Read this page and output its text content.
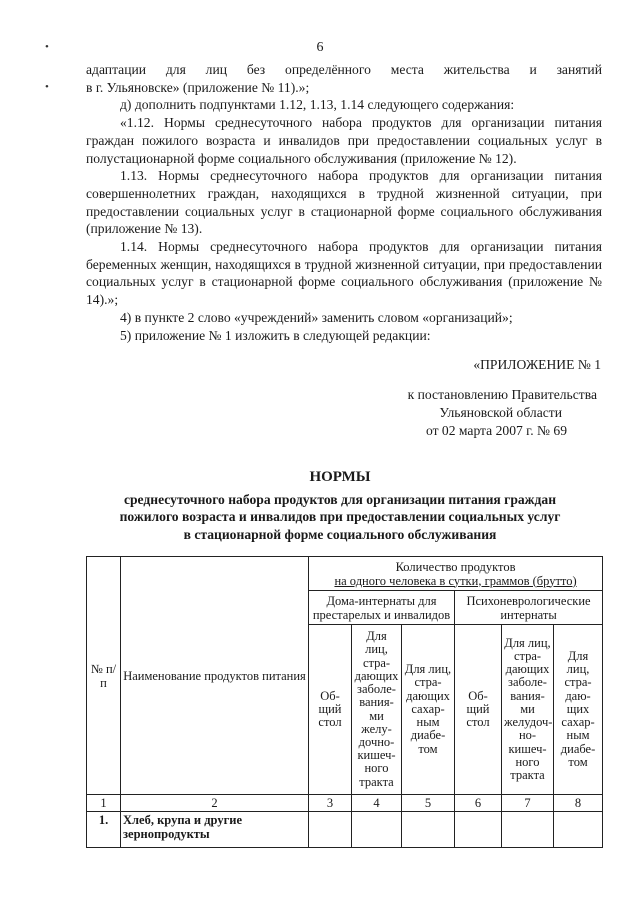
6
•
•

адаптации для лиц без определённого места жительства и занятий

в г. Ульяновске» (приложение № 11).»;

д) дополнить подпунктами 1.12, 1.13, 1.14 следующего содержания:

«1.12. Нормы среднесуточного набора продуктов для организации питания граждан пожилого возраста и инвалидов при предоставлении социальных услуг в полустационарной форме социального обслуживания (приложение № 12).

1.13. Нормы среднесуточного набора продуктов для организации питания совершеннолетних граждан, находящихся в трудной жизненной ситуации, при предоставлении социальных услуг в стационарной форме социального обслуживания (приложение № 13).

1.14. Нормы среднесуточного набора продуктов для организации питания беременных женщин, находящихся в трудной жизненной ситуации, при предоставлении социальных услуг в стационарной форме социального обслуживания (приложение № 14).»;

4) в пункте 2 слово «учреждений» заменить словом «организаций»;

5) приложение № 1 изложить в следующей редакции:

«ПРИЛОЖЕНИЕ № 1
к постановлению Правительства
Ульяновской области
от 02 марта 2007 г. № 69
НОРМЫ
среднесуточного набора продуктов для организации питания граждан
пожилого возраста и инвалидов при предоставлении социальных услуг
в стационарной форме социального обслуживания
№ п/п	Наименование продуктов питания	Количество продуктов
на одного человека в сутки, граммов (брутто)					

		Дома-интернаты для престарелых и инвалидов			Психоневрологические интернаты		
		Об-щий стол	Для лиц, стра-дающих заболе-вания-ми желу-дочно-кишеч-ного тракта	Для лиц, стра-дающих сахар-ным диабе-том	Об-щий стол	Для лиц, стра-дающих заболе-вания-ми желудоч-но-кишеч-ного тракта	Для лиц, стра-даю-щих сахар-ным диабе-том
1	2	3	4	5	6	7	8
1.	Хлеб, крупа и другие зернопродукты						
